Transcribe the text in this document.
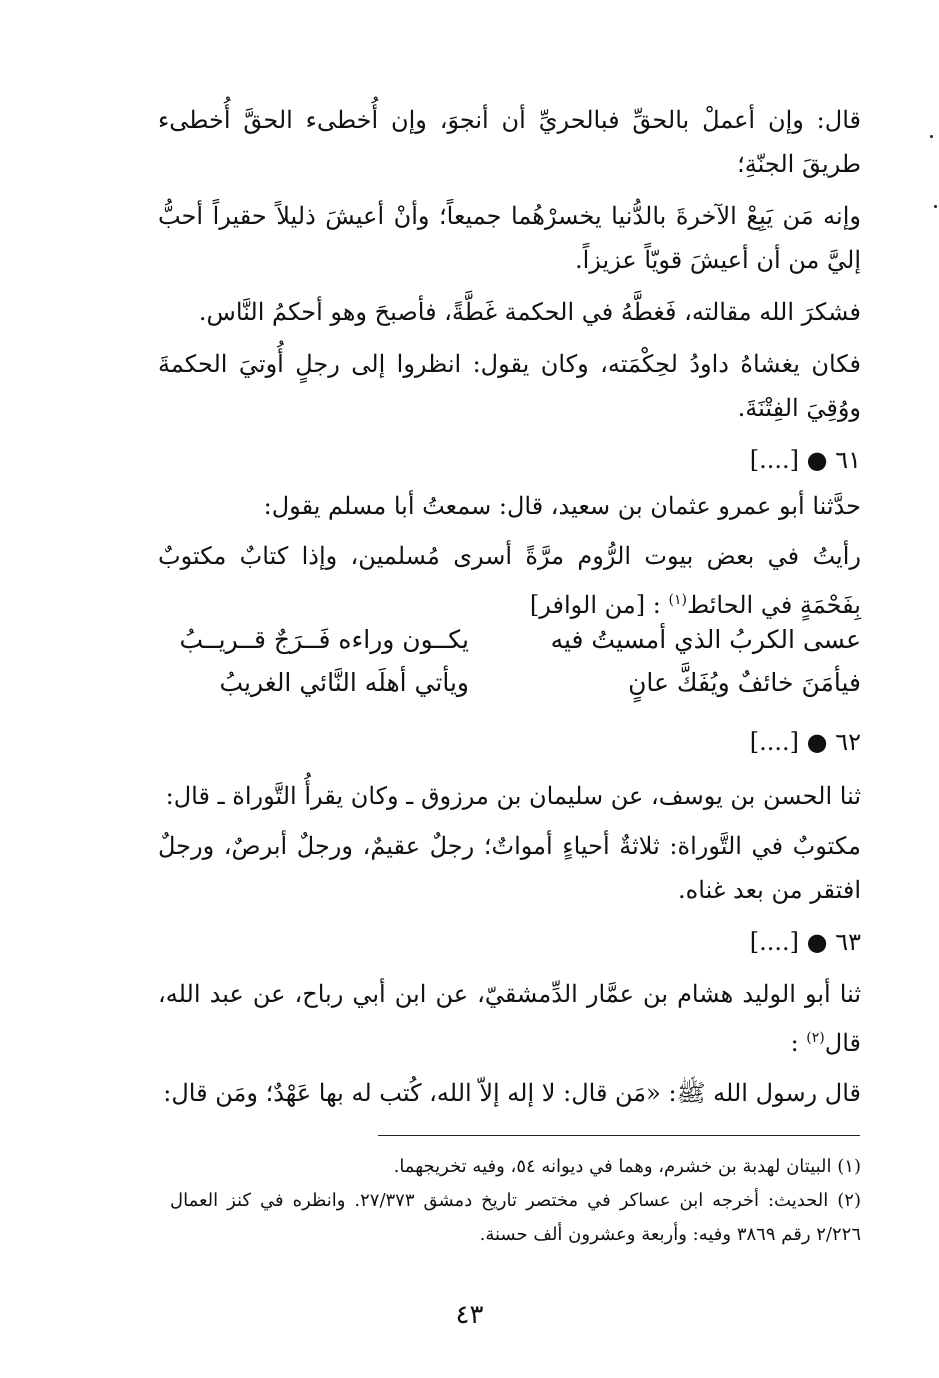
قال: وإن أعملْ بالحقِّ فبالحريِّ أن أنجوَ، وإن أُخطىء الحقَّ أُخطىء طريقَ الجنّةِ؛

وإنه مَن يَبِعْ الآخرةَ بالدُّنيا يخسرْهُما جميعاً؛ وأنْ أعيشَ ذليلاً حقيراً أحبُّ إليَّ من أن أعيشَ قويّاً عزيزاً.

فشكرَ الله مقالته، فَغطَّهُ في الحكمة غَطَّةً، فأصبحَ وهو أحكمُ النَّاس.

فكان يغشاهُ داودُ لحِكْمَته، وكان يقول: انظروا إلى رجلٍ أُوتيَ الحكمةَ ووُقِيَ الفِتْنَةَ.

٦١ ● [....]

حدَّثنا أبو عمرو عثمان بن سعيد، قال: سمعتُ أبا مسلم يقول:

رأيتُ في بعض بيوت الرُّوم مرَّةً أسرى مُسلمين، وإذا كتابٌ مكتوبٌ بِفَحْمَةٍ في الحائط$^{(١)}$ : [من الوافر]

عسى الكربُ الذي أمسيتُ فيه
يكــون وراءه فَــرَجٌ قــريــبُ
فيأمَنَ خائفٌ ويُفَكَّ عانٍ
ويأتي أهلَه النَّائي الغريبُ
٦٢ ● [....]

ثنا الحسن بن يوسف، عن سليمان بن مرزوق ـ وكان يقرأُ التَّوراة ـ قال:

مكتوبٌ في التَّوراة: ثلاثةٌ أحياءٍ أمواتٌ؛ رجلٌ عقيمٌ، ورجلٌ أبرصٌ، ورجلٌ افتقر من بعد غناه.

٦٣ ● [....]

ثنا أبو الوليد هشام بن عمَّار الدِّمشقيّ، عن ابن أبي رباح، عن عبد الله، قال$^{(٢)}$ :

قال رسول الله ﷺ: «مَن قال: لا إله إلاّ الله، كُتب له بها عَهْدٌ؛ ومَن قال:

(١) البيتان لهدبة بن خشرم، وهما في ديوانه ٥٤، وفيه تخريجهما.

(٢) الحديث: أخرجه ابن عساكر في مختصر تاريخ دمشق ٢٧/٣٧٣. وانظره في كنز العمال ٢/٢٢٦ رقم ٣٨٦٩ وفيه: وأربعة وعشرون ألف حسنة.

٤٣
